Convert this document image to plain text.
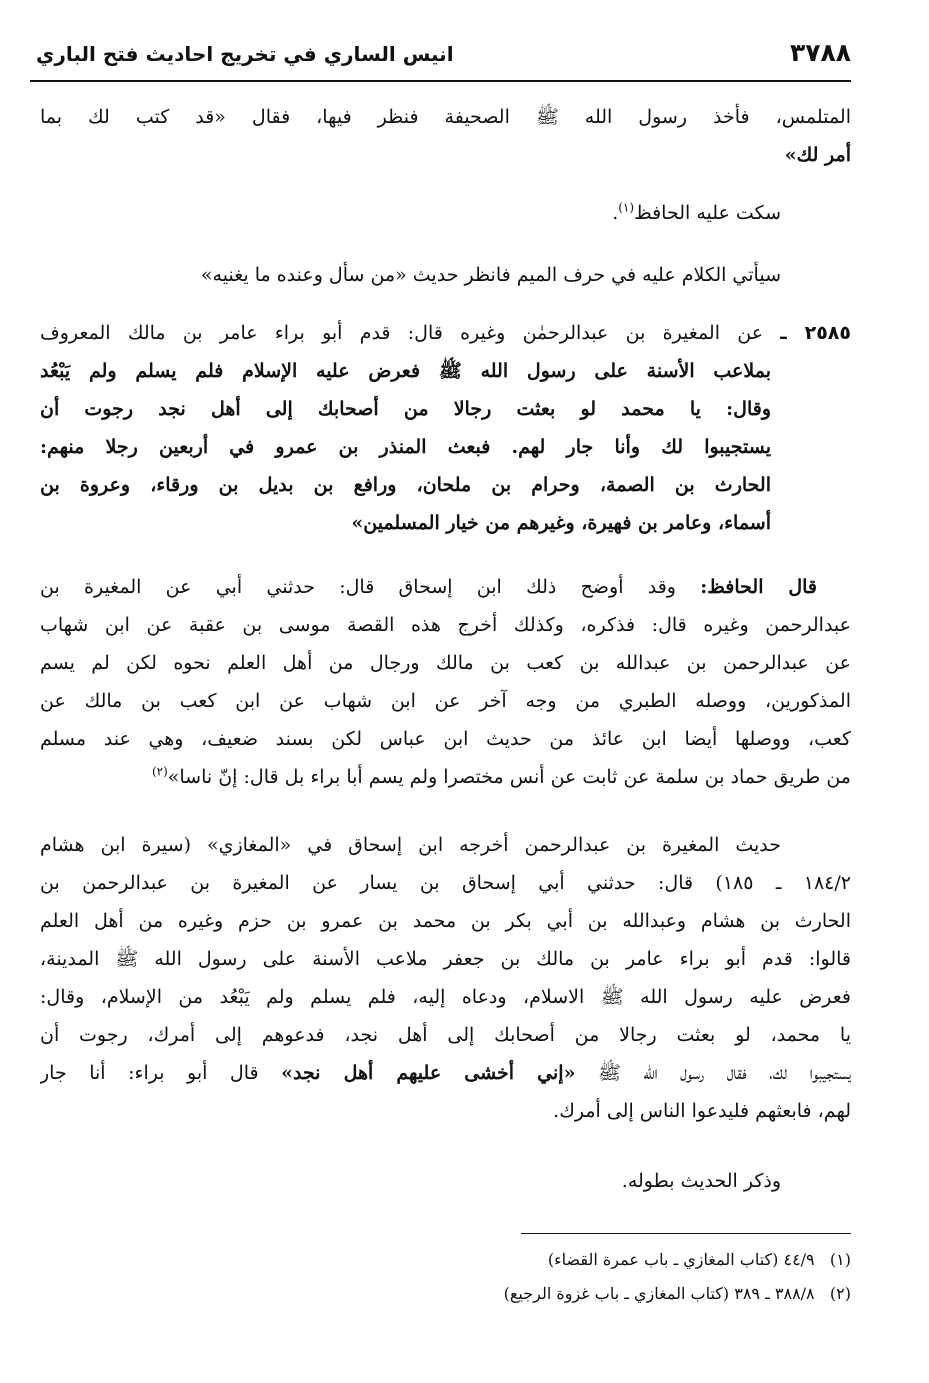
٣٧٨٨
انيس الساري في تخريج احاديث فتح الباري
المتلمس، فأخذ رسول الله ﷺ الصحيفة فنظر فيها، فقال «قد كتب لك بما
أمر لك»
سكت عليه الحافظ$^{(١)}$.
سيأتي الكلام عليه في حرف الميم فانظر حديث «من سأل وعنده ما يغنيه»
٢٥٨٥ ـ عن المغيرة بن عبدالرحمٰن وغيره قال: قدم أبو براء عامر بن مالك المعروف
بملاعب الأسنة على رسول الله ﷺ فعرض عليه الإسلام فلم يسلم ولم يَبْعُد
وقال: يا محمد لو بعثت رجالا من أصحابك إلى أهل نجد رجوت أن
يستجيبوا لك وأنا جار لهم. فبعث المنذر بن عمرو في أربعين رجلا منهم:
الحارث بن الصمة، وحرام بن ملحان، ورافع بن بديل بن ورقاء، وعروة بن
أسماء، وعامر بن فهيرة، وغيرهم من خيار المسلمين»
قال الحافظ: وقد أوضح ذلك ابن إسحاق قال: حدثني أبي عن المغيرة بن
عبدالرحمن وغيره قال: فذكره، وكذلك أخرج هذه القصة موسى بن عقبة عن ابن شهاب
عن عبدالرحمن بن عبدالله بن كعب بن مالك ورجال من أهل العلم نحوه لكن لم يسم
المذكورين، ووصله الطبري من وجه آخر عن ابن شهاب عن ابن كعب بن مالك عن
كعب، ووصلها أيضا ابن عائذ من حديث ابن عباس لكن بسند ضعيف، وهي عند مسلم
من طريق حماد بن سلمة عن ثابت عن أنس مختصرا ولم يسم أبا براء بل قال: إنّ ناسا»$^{(٢)}$
حديث المغيرة بن عبدالرحمن أخرجه ابن إسحاق في «المغازي» (سيرة ابن هشام
١٨٤/٢ ـ ١٨٥) قال: حدثني أبي إسحاق بن يسار عن المغيرة بن عبدالرحمن بن
الحارث بن هشام وعبدالله بن أبي بكر بن محمد بن عمرو بن حزم وغيره من أهل العلم
قالوا: قدم أبو براء عامر بن مالك بن جعفر ملاعب الأسنة على رسول الله ﷺ المدينة،
فعرض عليه رسول الله ﷺ الاسلام، ودعاه إليه، فلم يسلم ولم يَبْعُد من الإسلام، وقال:
يا محمد، لو بعثت رجالا من أصحابك إلى أهل نجد، فدعوهم إلى أمرك، رجوت أن
يستجيبوا لك، فقال رسول الله ﷺ «إني أخشى عليهم أهل نجد» قال أبو براء: أنا جار
لهم، فابعثهم فليدعوا الناس إلى أمرك.
وذكر الحديث بطوله.
(١)   ٤٤/٩ (كتاب المغازي ـ باب عمرة القضاء)
(٢)   ٣٨٨/٨ ـ ٣٨٩ (كتاب المغازي ـ باب غزوة الرجيع)
